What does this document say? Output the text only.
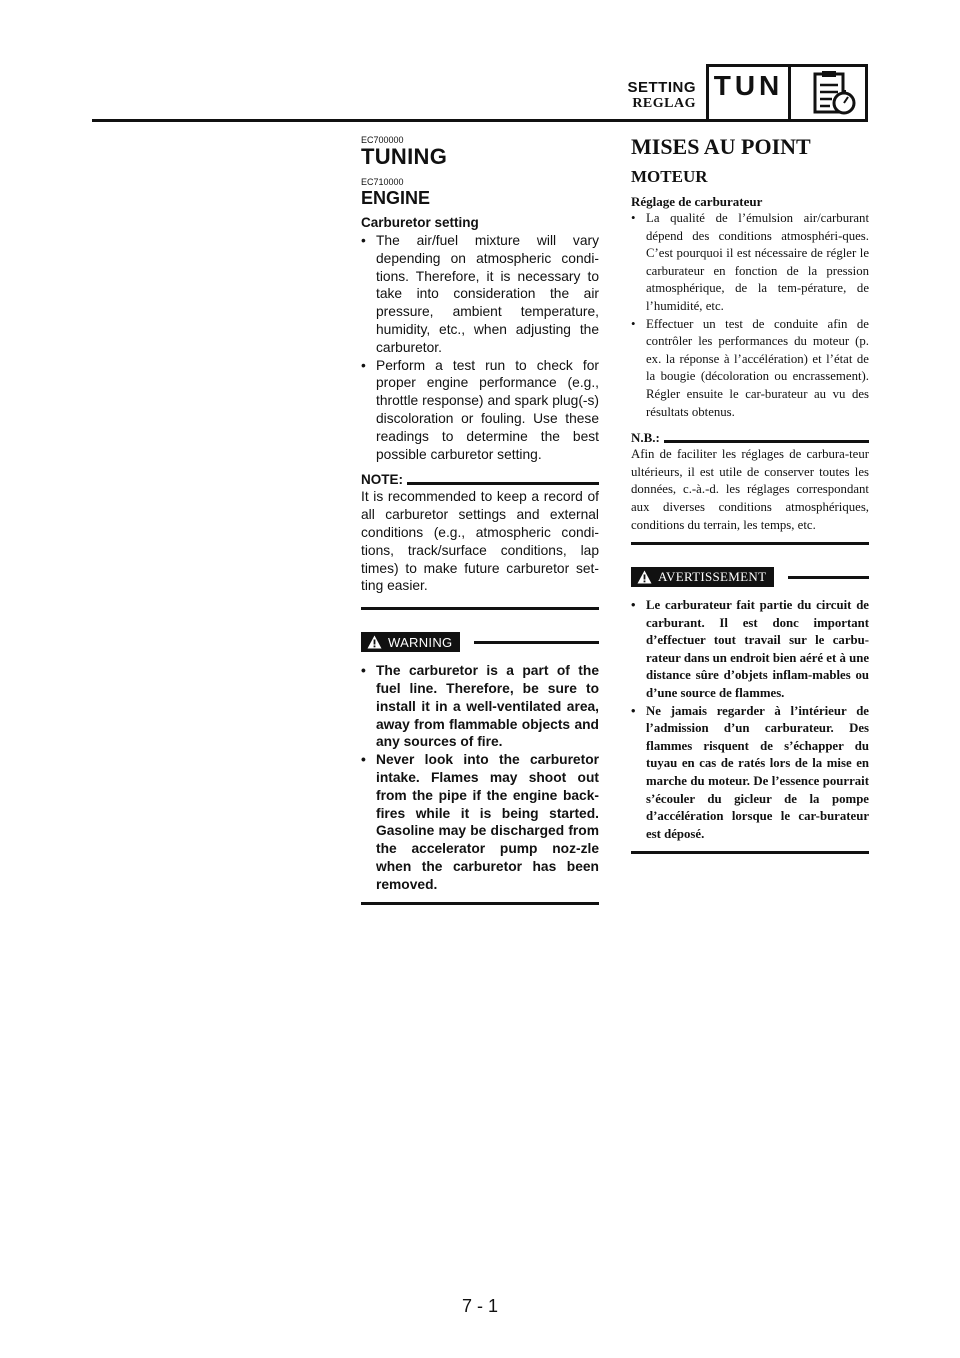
SETTING
REGLAG
TUN
EC700000
TUNING
EC710000
ENGINE
Carburetor setting
• The air/fuel mixture will vary depending on atmospheric condi-tions. Therefore, it is necessary to take into consideration the air pressure, ambient temperature, humidity, etc., when adjusting the carburetor.
• Perform a test run to check for proper engine performance (e.g., throttle response) and spark plug(-s) discoloration or fouling. Use these readings to determine the best possible carburetor setting.
NOTE:
It is recommended to keep a record of all carburetor settings and external conditions (e.g., atmospheric condi-tions, track/surface conditions, lap times) to make future carburetor set-ting easier.
WARNING
• The carburetor is a part of the fuel line. Therefore, be sure to install it in a well-ventilated area, away from flammable objects and any sources of fire.
• Never look into the carburetor intake. Flames may shoot out from the pipe if the engine back-fires while it is being started. Gasoline may be discharged from the accelerator pump noz-zle when the carburetor has been removed.
MISES AU POINT
MOTEUR
Réglage de carburateur
• La qualité de l’émulsion air/carburant dépend des conditions atmosphéri-ques. C’est pourquoi il est nécessaire de régler le carburateur en fonction de la pression atmosphérique, de la tem-pérature, de l’humidité, etc.
• Effectuer un test de conduite afin de contrôler les performances du moteur (p. ex. la réponse à l’accélération) et l’état de la bougie (décoloration ou encrassement). Régler ensuite le car-burateur au vu des résultats obtenus.
N.B.:
Afin de faciliter les réglages de carbura-teur ultérieurs, il est utile de conserver toutes les données, c.-à.-d. les réglages correspondant aux diverses conditions atmosphériques, conditions du terrain, les temps, etc.
AVERTISSEMENT
• Le carburateur fait partie du circuit de carburant. Il est donc important d’effectuer tout travail sur le carbu-rateur dans un endroit bien aéré et à une distance sûre d’objets inflam-mables ou d’une source de flammes.
• Ne jamais regarder à l’intérieur de l’admission d’un carburateur. Des flammes risquent de s’échapper du tuyau en cas de ratés lors de la mise en marche du moteur. De l’essence pourrait s’écouler du gicleur de la pompe d’accélération lorsque le car-burateur est déposé.
7 - 1
